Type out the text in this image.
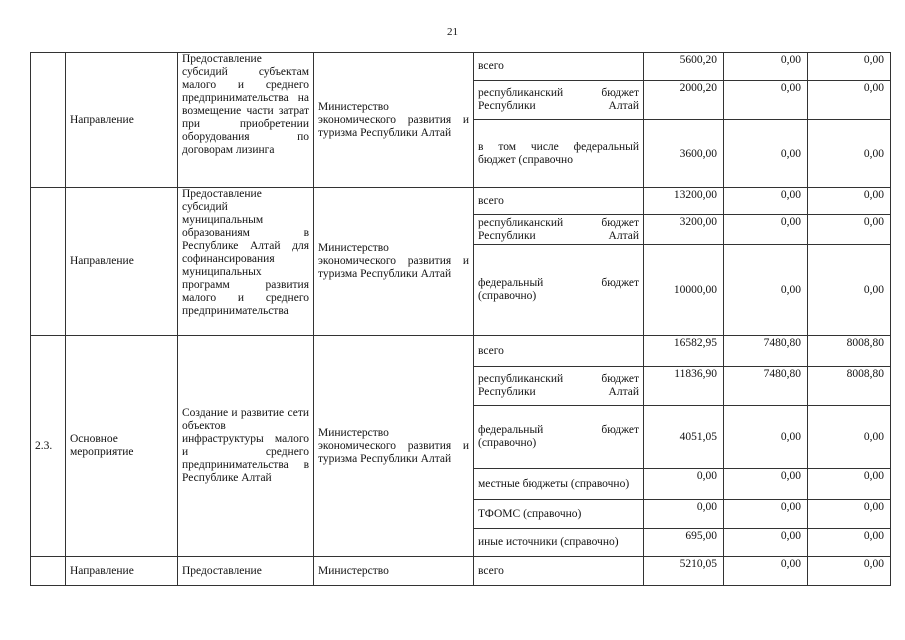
21
	Направление	Предоставление субсидий субъектам малого и среднего предпринимательства на возмещение части затрат при приобретении оборудования по договорам лизинга	Министерство экономического развития и туризма Республики Алтай	всего	5600,20	0,00	0,00
				республиканский бюджет Республики Алтай	2000,20	0,00	0,00
				в том числе федеральный бюджет (справочно	3600,00	0,00	0,00
	Направление	Предоставление субсидий муниципальным образованиям в Республике Алтай для софинансирования муниципальных программ развития малого и среднего предпринимательства	Министерство экономического развития и туризма Республики Алтай	всего	13200,00	0,00	0,00
				республиканский бюджет Республики Алтай	3200,00	0,00	0,00
				федеральный бюджет (справочно)	10000,00	0,00	0,00
2.3.	Основное мероприятие	Создание и развитие сети объектов инфраструктуры малого и среднего предпринимательства в Республике Алтай	Министерство экономического развития и туризма Республики Алтай	всего	16582,95	7480,80	8008,80
				республиканский бюджет Республики Алтай	11836,90	7480,80	8008,80
				федеральный бюджет (справочно)	4051,05	0,00	0,00
				местные бюджеты (справочно)	0,00	0,00	0,00
				ТФОМС (справочно)	0,00	0,00	0,00
				иные источники (справочно)	695,00	0,00	0,00
	Направление	Предоставление	Министерство	всего	5210,05	0,00	0,00
